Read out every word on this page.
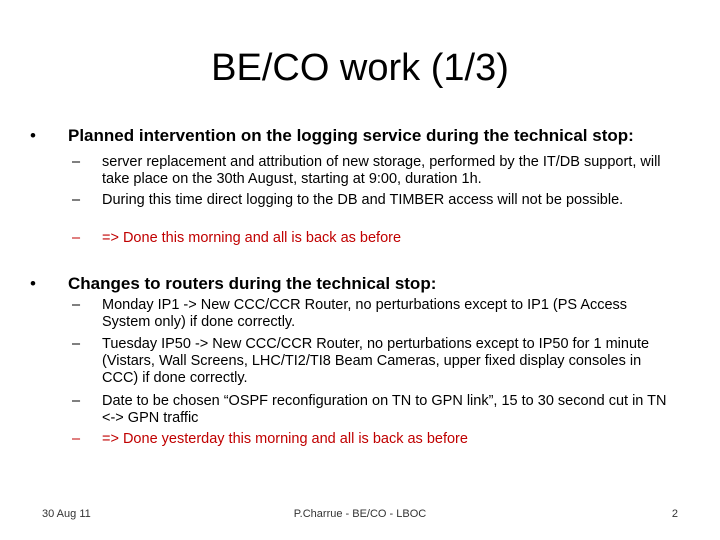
BE/CO work (1/3)
•	Planned intervention on the logging service during the technical stop:
–	server replacement and attribution of new storage, performed by the IT/DB support, will take place on the 30th August, starting at 9:00, duration 1h.
–	During this time direct logging to the DB and TIMBER access will not be possible.
–	=> Done this morning and all is back as before
•	Changes to routers during the technical stop:
–	Monday IP1 -> New CCC/CCR Router, no perturbations except to IP1 (PS Access System only) if done correctly.
–	Tuesday IP50 -> New CCC/CCR Router, no perturbations except to IP50 for 1 minute (Vistars, Wall Screens, LHC/TI2/TI8 Beam Cameras, upper fixed display consoles in CCC) if done correctly.
–	Date to be chosen “OSPF reconfiguration on TN to GPN link”, 15 to 30 second cut in TN <-> GPN traffic
–	=> Done yesterday this morning and all is back as before
30 Aug 11	P.Charrue - BE/CO - LBOC	2
